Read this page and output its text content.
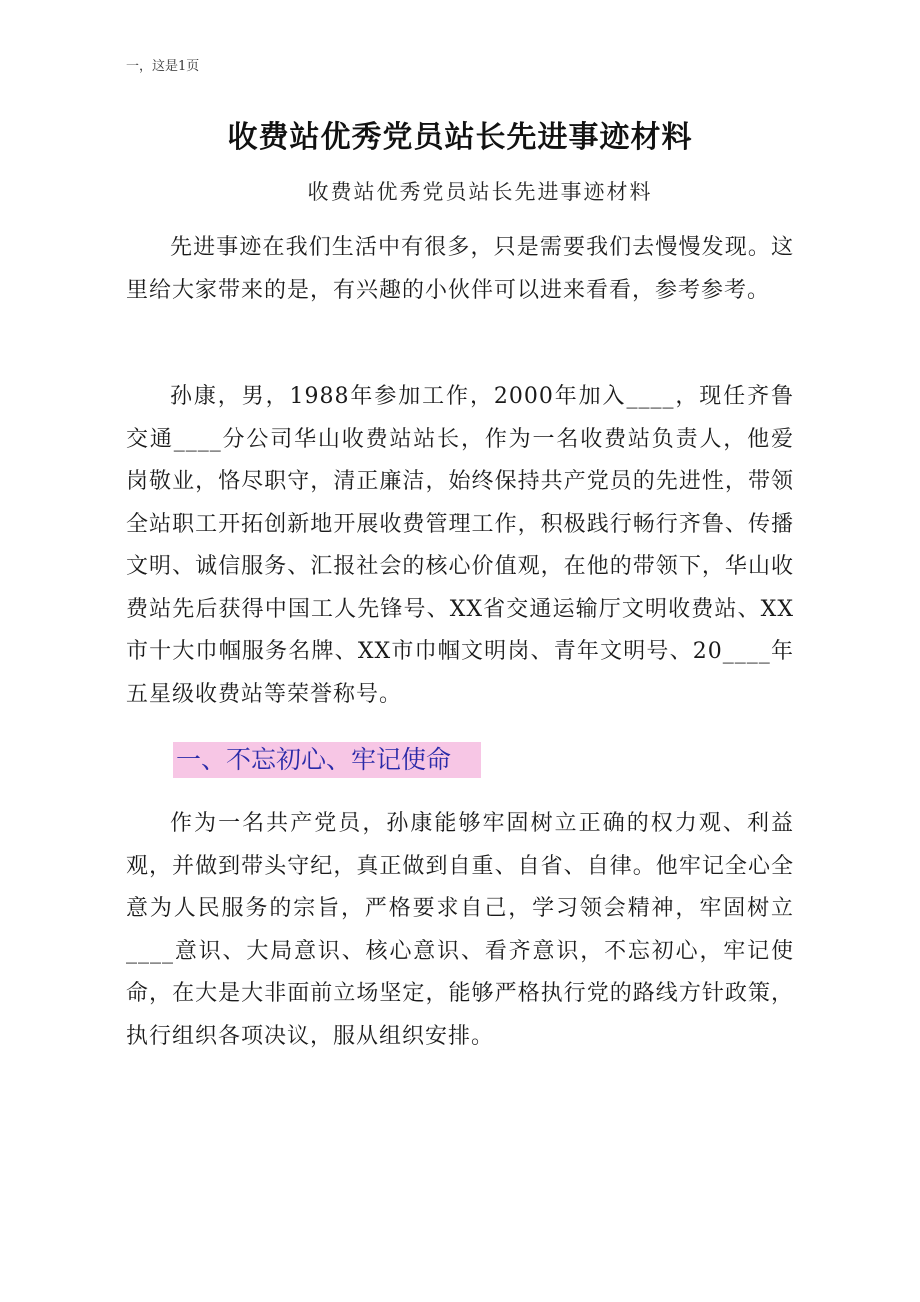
一，这是1页
收费站优秀党员站长先进事迹材料
收费站优秀党员站长先进事迹材料

先进事迹在我们生活中有很多，只是需要我们去慢慢发现。这里给大家带来的是，有兴趣的小伙伴可以进来看看，参考参考。

孙康，男，1988年参加工作，2000年加入____，现任齐鲁交通____分公司华山收费站站长，作为一名收费站负责人，他爱岗敬业，恪尽职守，清正廉洁，始终保持共产党员的先进性，带领全站职工开拓创新地开展收费管理工作，积极践行畅行齐鲁、传播文明、诚信服务、汇报社会的核心价值观，在他的带领下，华山收费站先后获得中国工人先锋号、XX省交通运输厅文明收费站、XX市十大巾帼服务名牌、XX市巾帼文明岗、青年文明号、20____年五星级收费站等荣誉称号。

一、不忘初心、牢记使命

作为一名共产党员，孙康能够牢固树立正确的权力观、利益观，并做到带头守纪，真正做到自重、自省、自律。他牢记全心全意为人民服务的宗旨，严格要求自己，学习领会精神，牢固树立____意识、大局意识、核心意识、看齐意识，不忘初心，牢记使命，在大是大非面前立场坚定，能够严格执行党的路线方针政策，执行组织各项决议，服从组织安排。
